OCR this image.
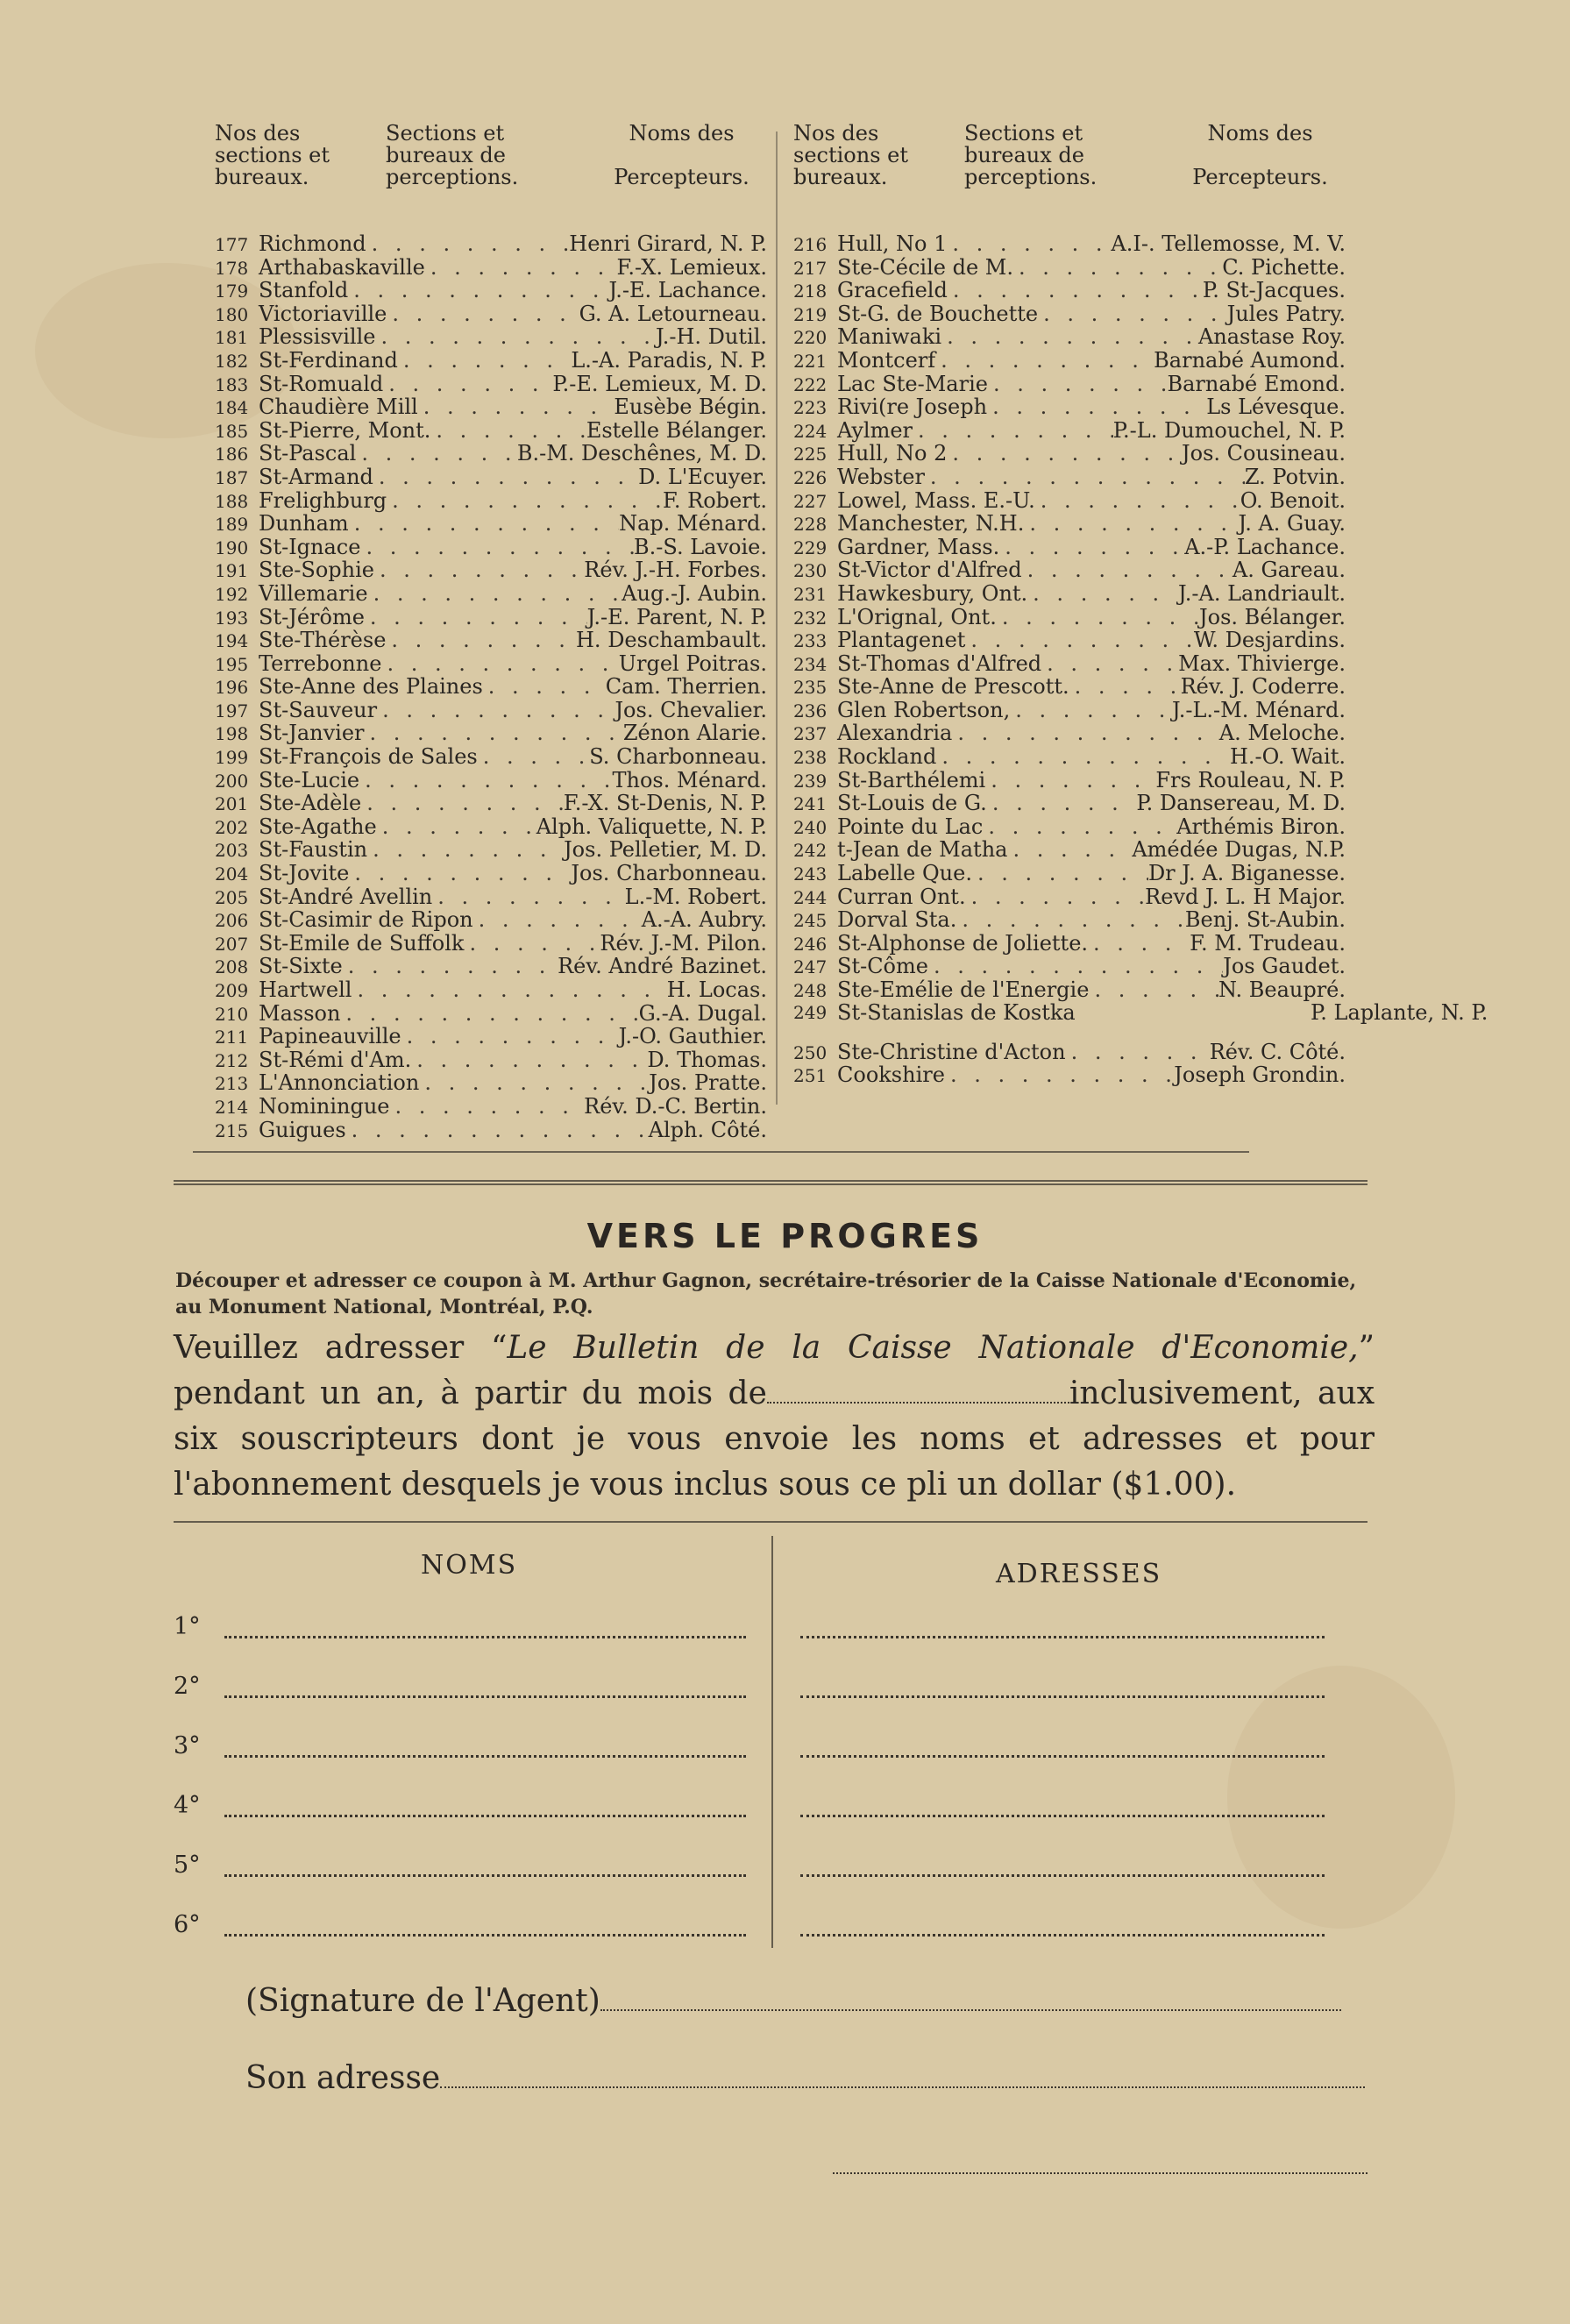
Nos des sections et bureaux.
Sections et bureaux de perceptions.
Noms des
Percepteurs.
177 Richmond . . .	Henri Girard, N. P.
178 Arthabaskaville . . .	F.-X. Lemieux.
179 Stanfold . . .	J.-E. Lachance.
180 Victoriaville . . .	G. A. Letourneau.
181 Plessisville . . .	J.-H. Dutil.
182 St-Ferdinand . . .	L.-A. Paradis, N. P.
183 St-Romuald . . .	P.-E. Lemieux, M. D.
184 Chaudière Mill . . .	Eusèbe Bégin.
185 St-Pierre, Mont. . . .	Estelle Bélanger.
186 St-Pascal . . .	B.-M. Deschênes, M. D.
187 St-Armand . . .	D. L'Ecuyer.
188 Frelighburg . . .	F. Robert.
189 Dunham . . .	Nap. Ménard.
190 St-Ignace . . .	B.-S. Lavoie.
191 Ste-Sophie . . .	Rév. J.-H. Forbes.
192 Villemarie . . .	Aug.-J. Aubin.
193 St-Jérôme . . .	J.-E. Parent, N. P.
194 Ste-Thérèse . . .	H. Deschambault.
195 Terrebonne . . .	Urgel Poitras.
196 Ste-Anne des Plaines . . .	Cam. Therrien.
197 St-Sauveur . . .	Jos. Chevalier.
198 St-Janvier . . .	Zénon Alarie.
199 St-François de Sales . . .	S. Charbonneau.
200 Ste-Lucie . . .	Thos. Ménard.
201 Ste-Adèle . . .	F.-X. St-Denis, N. P.
202 Ste-Agathe . . .	Alph. Valiquette, N. P.
203 St-Faustin . . .	Jos. Pelletier, M. D.
204 St-Jovite . . .	Jos. Charbonneau.
205 St-André Avellin . . .	L.-M. Robert.
206 St-Casimir de Ripon . . .	A.-A. Aubry.
207 St-Emile de Suffolk . . .	Rév. J.-M. Pilon.
208 St-Sixte . . .	Rév. André Bazinet.
209 Hartwell . . .	H. Locas.
210 Masson . . .	G.-A. Dugal.
211 Papineauville . . .	J.-O. Gauthier.
212 St-Rémi d'Am. . . .	D. Thomas.
213 L'Annonciation . . .	Jos. Pratte.
214 Nominingue . . .	Rév. D.-C. Bertin.
215 Guigues . . .	Alph. Côté.
Nos des sections et bureaux.
Sections et bureaux de perceptions.
Noms des
Percepteurs.
216 Hull, No 1 . . .	A.I-. Tellemosse, M. V.
217 Ste-Cécile de M. . . .	C. Pichette.
218 Gracefield . . .	P. St-Jacques.
219 St-G. de Bouchette . . .	Jules Patry.
220 Maniwaki . . .	Anastase Roy.
221 Montcerf . . .	Barnabé Aumond.
222 Lac Ste-Marie . . .	Barnabé Emond.
223 Rivi(re Joseph . . .	Ls Lévesque.
224 Aylmer . . .	P.-L. Dumouchel, N. P.
225 Hull, No 2 . . .	Jos. Cousineau.
226 Webster . . .	Z. Potvin.
227 Lowel, Mass. E.-U. . . .	O. Benoit.
228 Manchester, N.H. . . .	J. A. Guay.
229 Gardner, Mass. . . .	A.-P. Lachance.
230 St-Victor d'Alfred . . .	A. Gareau.
231 Hawkesbury, Ont. . . .	J.-A. Landriault.
232 L'Orignal, Ont. . . .	Jos. Bélanger.
233 Plantagenet . . .	W. Desjardins.
234 St-Thomas d'Alfred . . .	Max. Thivierge.
235 Ste-Anne de Prescott. . . .	Rév. J. Coderre.
236 Glen Robertson, . . .	J.-L.-M. Ménard.
237 Alexandria . . .	A. Meloche.
238 Rockland . . .	H.-O. Wait.
239 St-Barthélemi . . .	Frs Rouleau, N. P.
241 St-Louis de G. . . .	P. Dansereau, M. D.
240 Pointe du Lac . . .	Arthémis Biron.
242 t-Jean de Matha . . .	Amédée Dugas, N.P.
243 Labelle Que. . . .	Dr J. A. Biganesse.
244 Curran Ont. . . .	Revd J. L. H Major.
245 Dorval Sta. . . .	Benj. St-Aubin.
246 St-Alphonse de Joliette. . . .	F. M. Trudeau.
247 St-Côme . . .	Jos Gaudet.
248 Ste-Emélie de l'Energie . . .	N. Beaupré.
249 St-Stanislas de Kostka	P. Laplante, N. P.
250 Ste-Christine d'Acton . . .	Rév. C. Côté.
251 Cookshire . . .	Joseph Grondin.
VERS LE PROGRES
Découper et adresser ce coupon à M. Arthur Gagnon, secrétaire-trésorier de la Caisse Nationale d'Economie, au Monument National, Montréal, P.Q.
Veuillez adresser “Le Bulletin de la Caisse Nationale d'Economie,” pendant un an, à partir du mois de	inclusivement, aux six souscripteurs dont je vous envoie les noms et adresses et pour l'abonnement desquels je vous inclus sous ce pli un dollar ($1.00).
NOMS	ADRESSES
1°
2°
3°
4°
5°
6°
(Signature de l'Agent)
Son adresse
